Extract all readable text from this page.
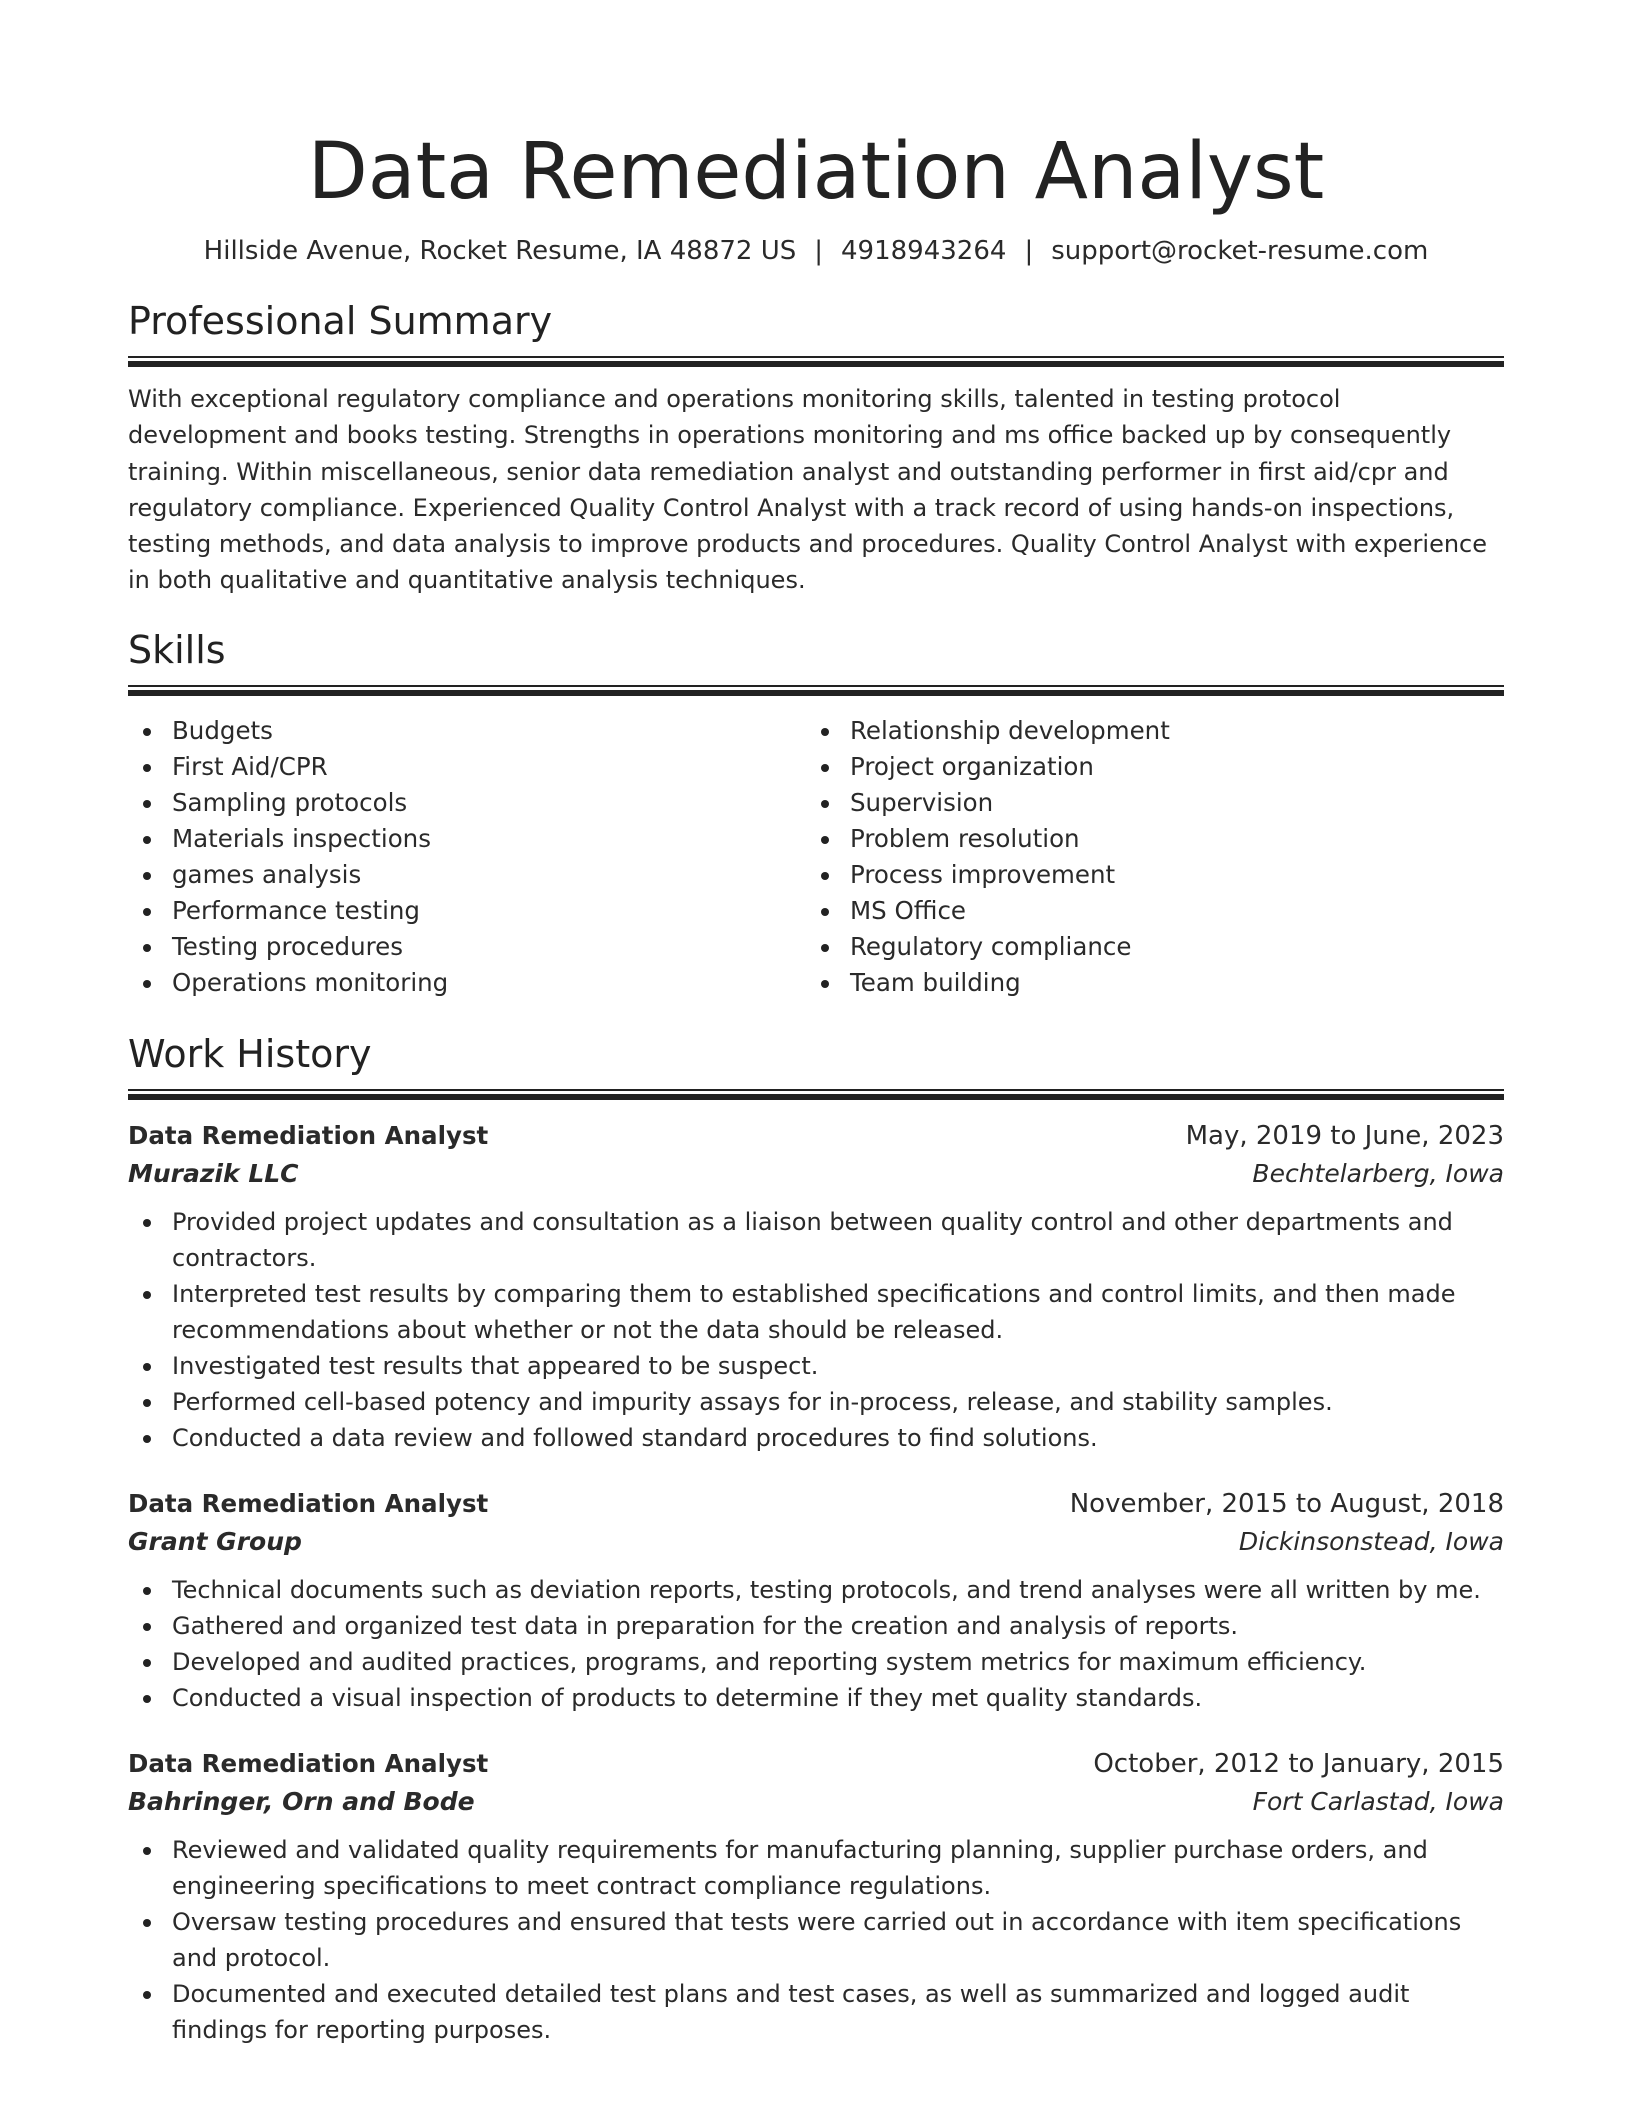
Data Remediation Analyst
Hillside Avenue, Rocket Resume, IA 48872 US | 4918943264 | support@rocket-resume.com
Professional Summary
With exceptional regulatory compliance and operations monitoring skills, talented in testing protocol development and books testing. Strengths in operations monitoring and ms office backed up by consequently training. Within miscellaneous, senior data remediation analyst and outstanding performer in first aid/cpr and regulatory compliance. Experienced Quality Control Analyst with a track record of using hands-on inspections, testing methods, and data analysis to improve products and procedures. Quality Control Analyst with experience in both qualitative and quantitative analysis techniques.
Skills
Budgets
First Aid/CPR
Sampling protocols
Materials inspections
games analysis
Performance testing
Testing procedures
Operations monitoring
Relationship development
Project organization
Supervision
Problem resolution
Process improvement
MS Office
Regulatory compliance
Team building
Work History
Data Remediation Analyst	May, 2019 to June, 2023
Murazik LLC	Bechtelarberg, Iowa
Provided project updates and consultation as a liaison between quality control and other departments and contractors.
Interpreted test results by comparing them to established specifications and control limits, and then made recommendations about whether or not the data should be released.
Investigated test results that appeared to be suspect.
Performed cell-based potency and impurity assays for in-process, release, and stability samples.
Conducted a data review and followed standard procedures to find solutions.
Data Remediation Analyst	November, 2015 to August, 2018
Grant Group	Dickinsonstead, Iowa
Technical documents such as deviation reports, testing protocols, and trend analyses were all written by me.
Gathered and organized test data in preparation for the creation and analysis of reports.
Developed and audited practices, programs, and reporting system metrics for maximum efficiency.
Conducted a visual inspection of products to determine if they met quality standards.
Data Remediation Analyst	October, 2012 to January, 2015
Bahringer, Orn and Bode	Fort Carlastad, Iowa
Reviewed and validated quality requirements for manufacturing planning, supplier purchase orders, and engineering specifications to meet contract compliance regulations.
Oversaw testing procedures and ensured that tests were carried out in accordance with item specifications and protocol.
Documented and executed detailed test plans and test cases, as well as summarized and logged audit findings for reporting purposes.
